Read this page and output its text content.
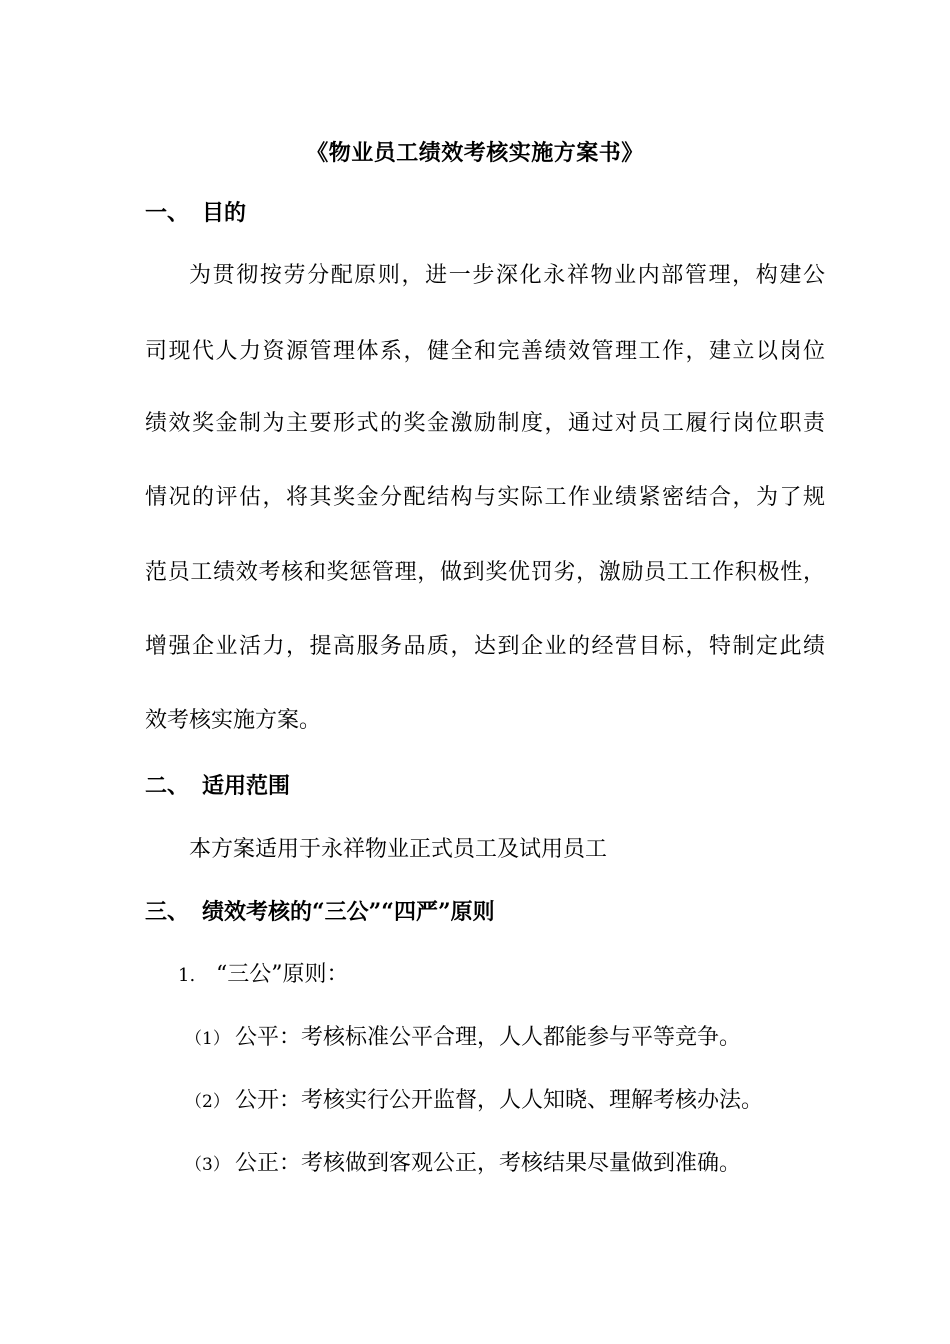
《物业员工绩效考核实施方案书》
一、 目的
为贯彻按劳分配原则，进一步深化永祥物业内部管理，构建公
司现代人力资源管理体系，健全和完善绩效管理工作，建立以岗位
绩效奖金制为主要形式的奖金激励制度，通过对员工履行岗位职责
情况的评估，将其奖金分配结构与实际工作业绩紧密结合，为了规
范员工绩效考核和奖惩管理，做到奖优罚劣，激励员工工作积极性，
增强企业活力，提高服务品质，达到企业的经营目标，特制定此绩
效考核实施方案。
二、 适用范围
本方案适用于永祥物业正式员工及试用员工
三、 绩效考核的“三公”“四严”原则
1. “三公”原则：
（1） 公平：考核标准公平合理，人人都能参与平等竞争。
（2） 公开：考核实行公开监督，人人知晓、理解考核办法。
（3） 公正：考核做到客观公正，考核结果尽量做到准确。
